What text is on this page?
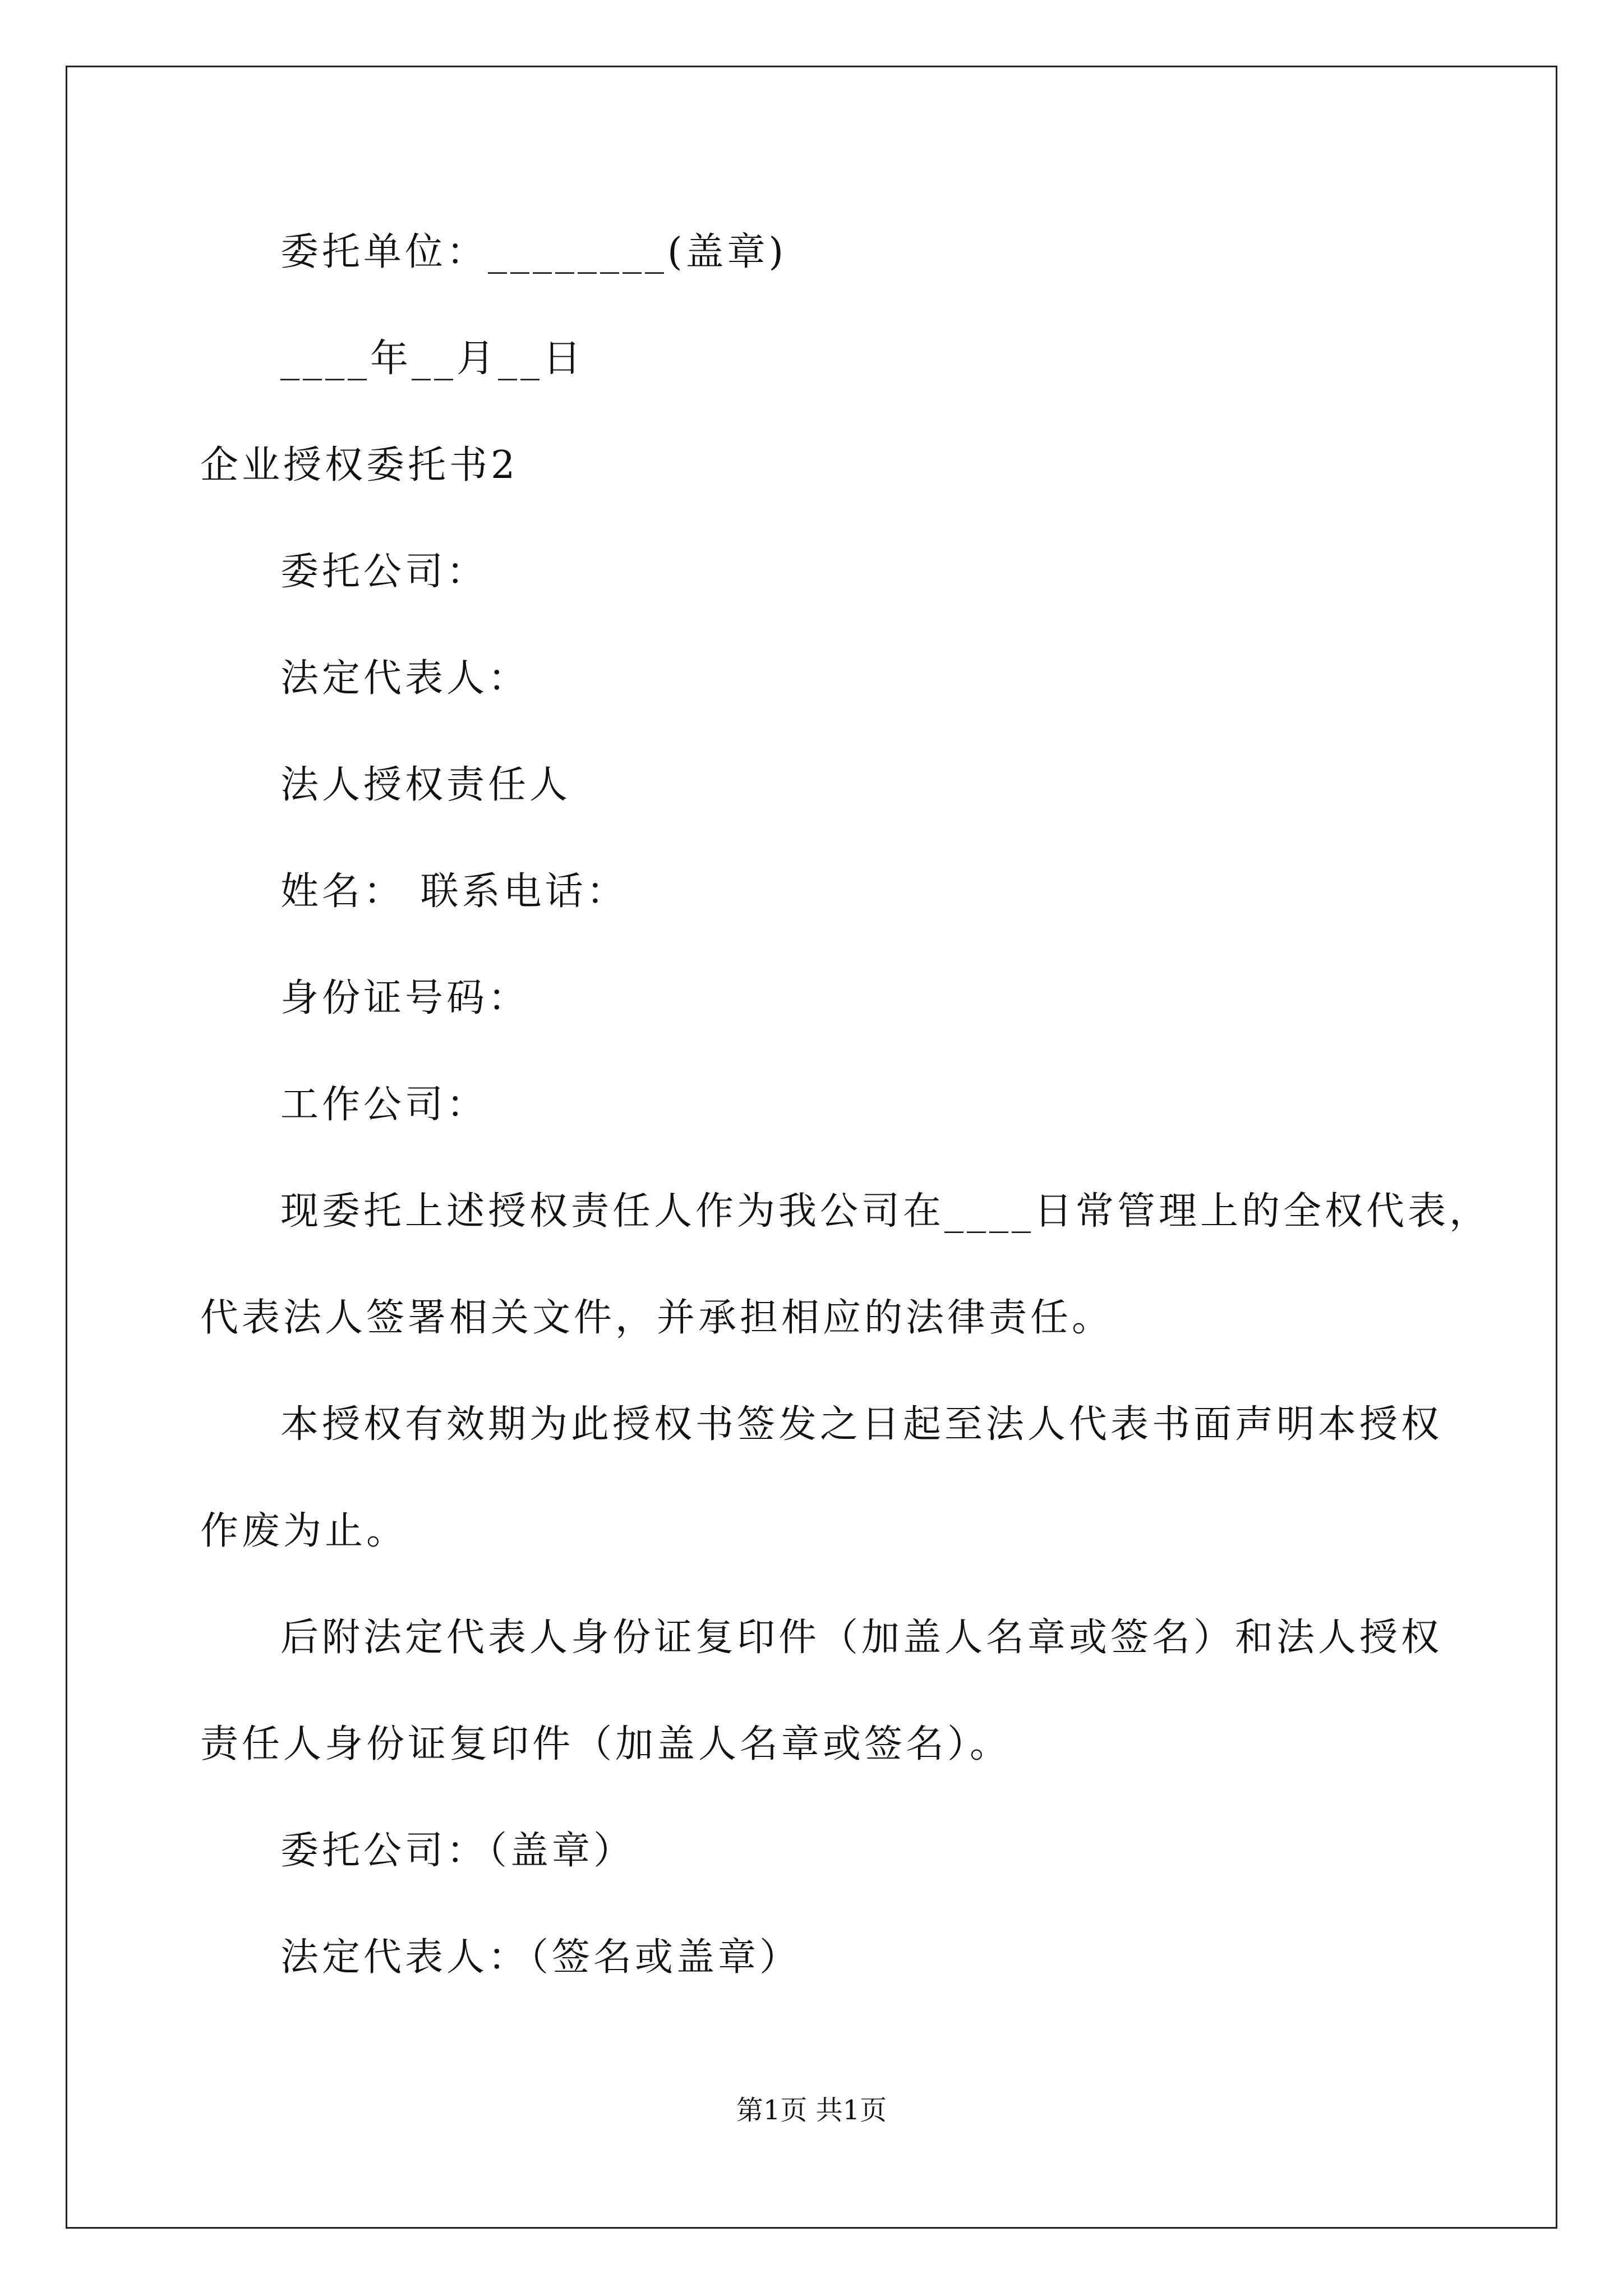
委托单位：________(盖章)
____年__月__日
企业授权委托书2
委托公司：
法定代表人：
法人授权责任人
姓名： 联系电话：
身份证号码：
工作公司：
现委托上述授权责任人作为我公司在____日常管理上的全权代表，
代表法人签署相关文件，并承担相应的法律责任。
本授权有效期为此授权书签发之日起至法人代表书面声明本授权
作废为止。
后附法定代表人身份证复印件（加盖人名章或签名）和法人授权
责任人身份证复印件（加盖人名章或签名）。
委托公司：（盖章）
法定代表人：（签名或盖章）
第1页 共1页
